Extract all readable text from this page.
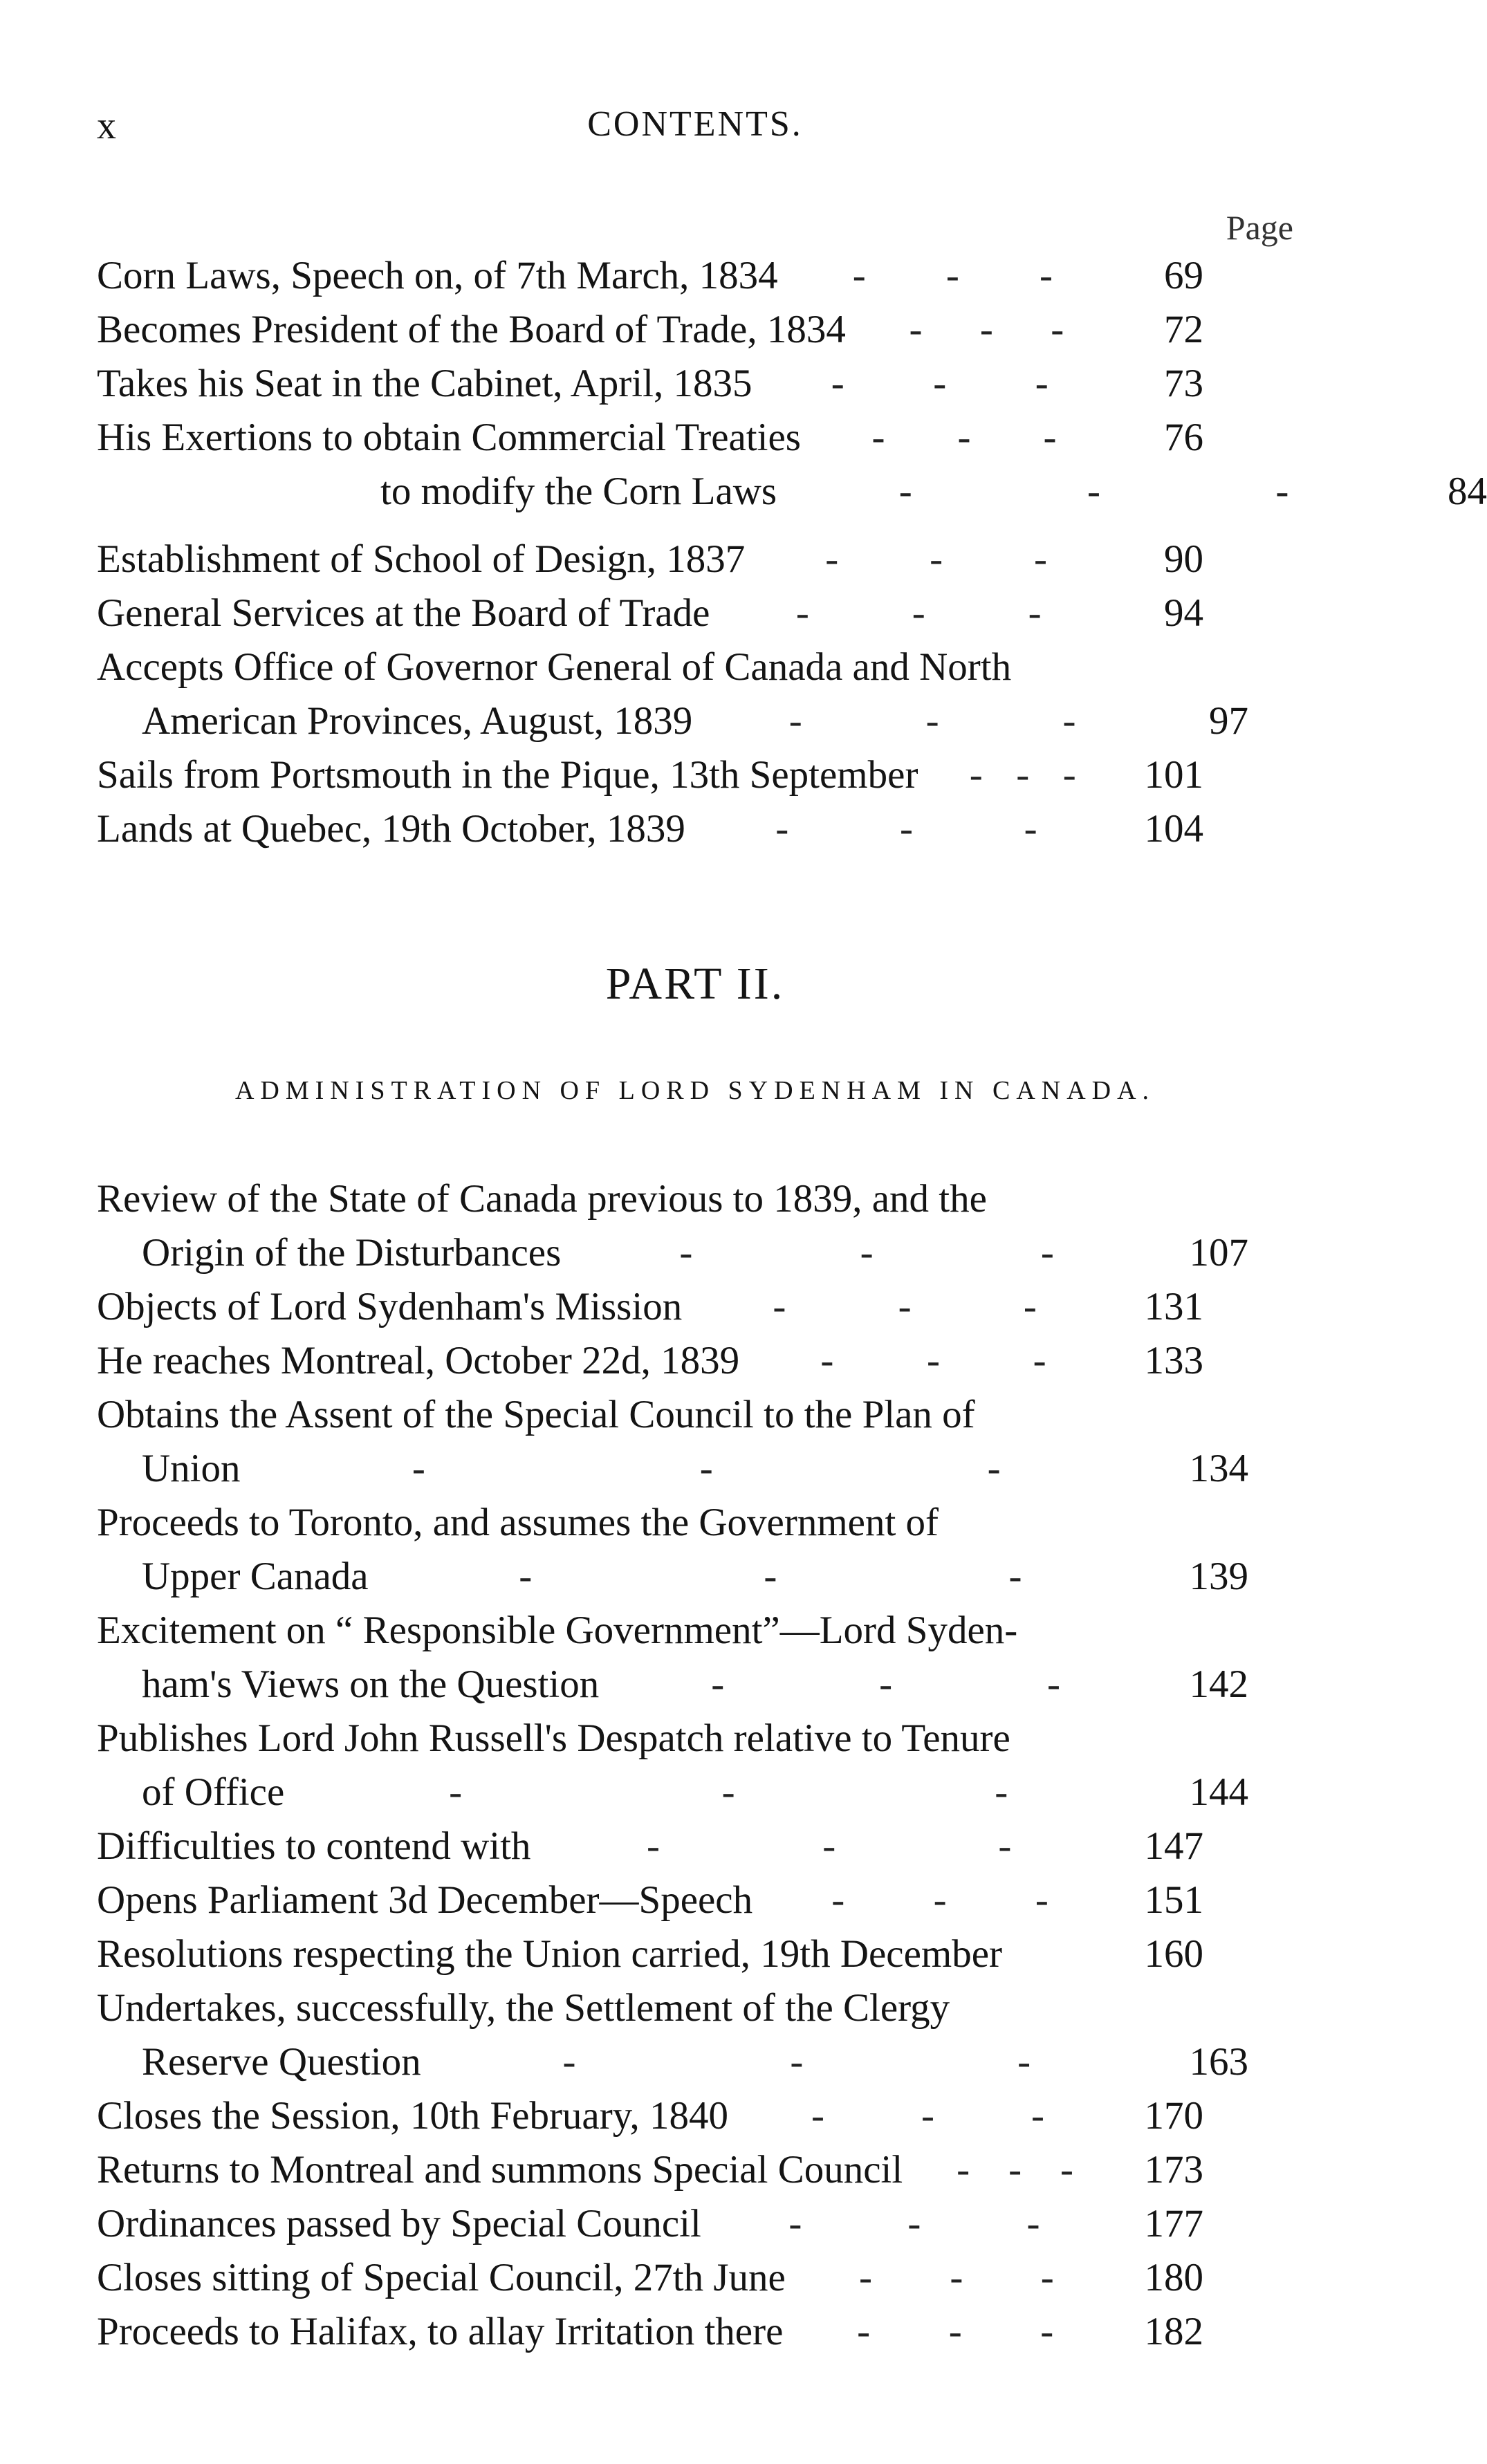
x	CONTENTS.
Page
Corn Laws, Speech on, of 7th March, 1834 - - -	69
Becomes President of the Board of Trade, 1834 - - -	72
Takes his Seat in the Cabinet, April, 1835 - - -	73
His Exertions to obtain Commercial Treaties - - -	76
to modify the Corn Laws	-	-	-	84
Establishment of School of Design, 1837 - - -	90
General Services at the Board of Trade -	-	-	94
Accepts Office of Governor General of Canada and North
American Provinces, August, 1839 -	-	-	97
Sails from Portsmouth in the Pique, 13th September - - -	101
Lands at Quebec, 19th October, 1839 -	-	-	104
PART II.
ADMINISTRATION OF LORD SYDENHAM IN CANADA.
Review of the State of Canada previous to 1839, and the
Origin of the Disturbances	-	-	-	107
Objects of Lord Sydenham's Mission -	-	-	131
He reaches Montreal, October 22d, 1839 - - -	133
Obtains the Assent of the Special Council to the Plan of
Union	-	-	-	134
Proceeds to Toronto, and assumes the Government of
Upper Canada	-	-	-	139
Excitement on “ Responsible Government”—Lord Syden-
ham's Views on the Question	-	-	-	142
Publishes Lord John Russell's Despatch relative to Tenure
of Office	-	-	-	144
Difficulties to contend with	-	-	-	147
Opens Parliament 3d December—Speech - - -	151
Resolutions respecting the Union carried, 19th December	160
Undertakes, successfully, the Settlement of the Clergy
Reserve Question	-	-	-	163
Closes the Session, 10th February, 1840 - - -	170
Returns to Montreal and summons Special Council - - -	173
Ordinances passed by Special Council -	-	-	177
Closes sitting of Special Council, 27th June - - -	180
Proceeds to Halifax, to allay Irritation there - - -	182
